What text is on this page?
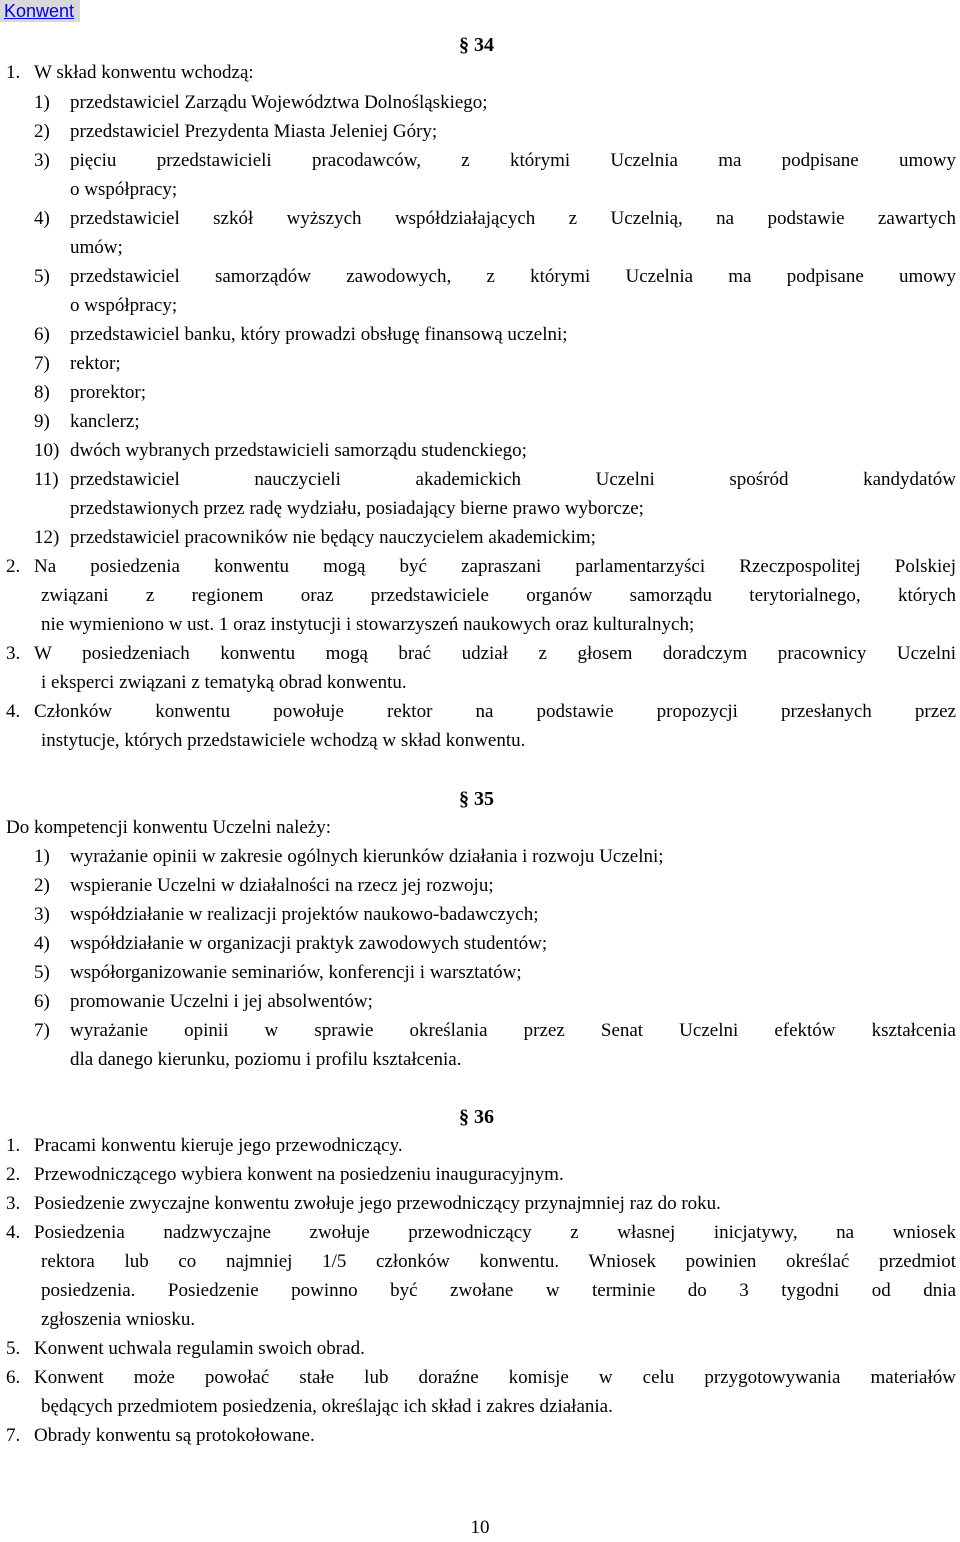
Konwent
§ 34
1. W skład konwentu wchodzą:
1) przedstawiciel Zarządu Województwa Dolnośląskiego;
2) przedstawiciel Prezydenta Miasta Jeleniej Góry;
3) pięciu przedstawicieli pracodawców, z którymi Uczelnia ma podpisane umowy
o współpracy;
4) przedstawiciel szkół wyższych współdziałających z Uczelnią, na podstawie zawartych
umów;
5) przedstawiciel samorządów zawodowych, z którymi Uczelnia ma podpisane umowy
o współpracy;
6) przedstawiciel banku, który prowadzi obsługę finansową uczelni;
7) rektor;
8) prorektor;
9) kanclerz;
10) dwóch wybranych przedstawicieli samorządu studenckiego;
11) przedstawiciel nauczycieli akademickich Uczelni spośród kandydatów
przedstawionych przez radę wydziału, posiadający bierne prawo wyborcze;
12) przedstawiciel pracowników nie będący nauczycielem akademickim;
2. Na posiedzenia konwentu mogą być zapraszani parlamentarzyści Rzeczpospolitej Polskiej
związani z regionem oraz przedstawiciele organów samorządu terytorialnego, których
nie wymieniono w ust. 1 oraz instytucji i stowarzyszeń naukowych oraz kulturalnych;
3. W posiedzeniach konwentu mogą brać udział z głosem doradczym pracownicy Uczelni
i eksperci związani z tematyką obrad konwentu.
4. Członków konwentu powołuje rektor na podstawie propozycji przesłanych przez
instytucje, których przedstawiciele wchodzą w skład konwentu.
§ 35
Do kompetencji konwentu Uczelni należy:
1) wyrażanie opinii w zakresie ogólnych kierunków działania i rozwoju Uczelni;
2) wspieranie Uczelni w działalności na rzecz jej rozwoju;
3) współdziałanie w realizacji projektów naukowo-badawczych;
4) współdziałanie w organizacji praktyk zawodowych studentów;
5) współorganizowanie seminariów, konferencji i warsztatów;
6) promowanie Uczelni i jej absolwentów;
7) wyrażanie opinii w sprawie określania przez Senat Uczelni efektów kształcenia
dla danego kierunku, poziomu i profilu kształcenia.
§ 36
1. Pracami konwentu kieruje jego przewodniczący.
2. Przewodniczącego wybiera konwent na posiedzeniu inauguracyjnym.
3. Posiedzenie zwyczajne konwentu zwołuje jego przewodniczący przynajmniej raz do roku.
4. Posiedzenia nadzwyczajne zwołuje przewodniczący z własnej inicjatywy, na wniosek
rektora lub co najmniej 1/5 członków konwentu. Wniosek powinien określać przedmiot
posiedzenia. Posiedzenie powinno być zwołane w terminie do 3 tygodni od dnia
zgłoszenia wniosku.
5. Konwent uchwala regulamin swoich obrad.
6. Konwent może powołać stałe lub doraźne komisje w celu przygotowywania materiałów
będących przedmiotem posiedzenia, określając ich skład i zakres działania.
7. Obrady konwentu są protokołowane.
10
